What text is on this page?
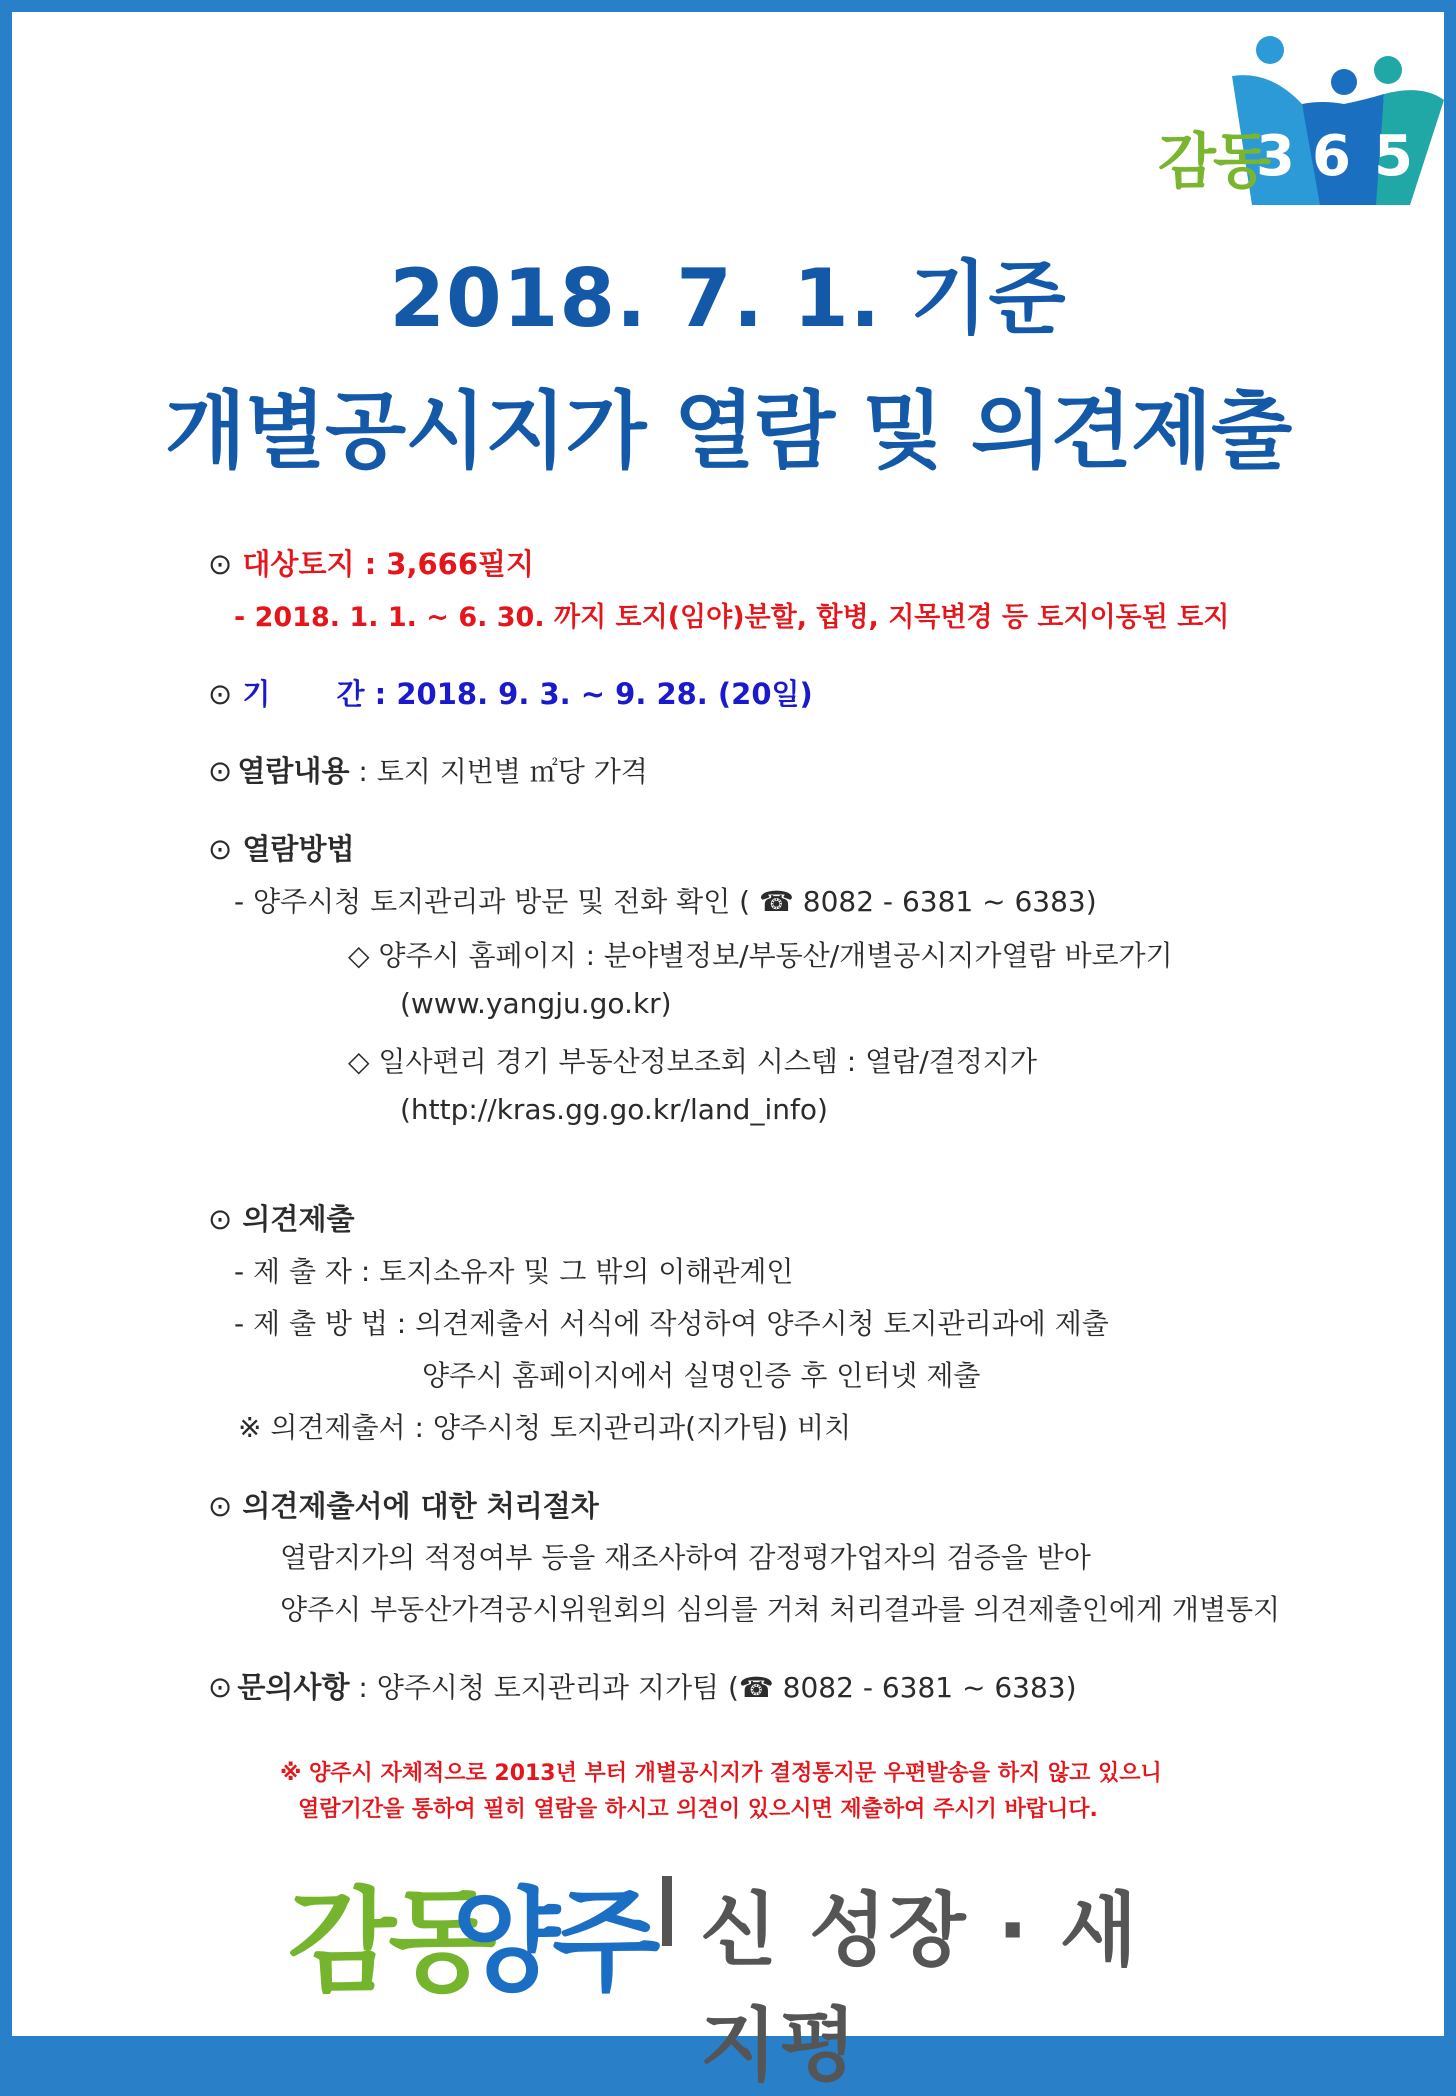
감동
3 6 5
2018. 7. 1. 기준
개별공시지가 열람 및 의견제출
⊙ 대상토지 : 3,666필지
- 2018. 1. 1. ~ 6. 30. 까지 토지(임야)분할, 합병, 지목변경 등 토지이동된 토지
⊙ 기 간 : 2018. 9. 3. ~ 9. 28. (20일)
⊙ 열람내용 : 토지 지번별 ㎡당 가격
⊙ 열람방법
- 양주시청 토지관리과 방문 및 전화 확인 ( ☎ 8082 - 6381 ~ 6383)
◇ 양주시 홈페이지 : 분야별정보/부동산/개별공시지가열람 바로가기
(www.yangju.go.kr)
◇ 일사편리 경기 부동산정보조회 시스템 : 열람/결정지가
(http://kras.gg.go.kr/land_info)
⊙ 의견제출
- 제 출 자 : 토지소유자 및 그 밖의 이해관계인
- 제 출 방 법 : 의견제출서 서식에 작성하여 양주시청 토지관리과에 제출
양주시 홈페이지에서 실명인증 후 인터넷 제출
※ 의견제출서 : 양주시청 토지관리과(지가팀) 비치
⊙ 의견제출서에 대한 처리절차
열람지가의 적정여부 등을 재조사하여 감정평가업자의 검증을 받아
양주시 부동산가격공시위원회의 심의를 거쳐 처리결과를 의견제출인에게 개별통지
⊙ 문의사항 : 양주시청 토지관리과 지가팀 (☎ 8082 - 6381 ~ 6383)
※ 양주시 자체적으로 2013년 부터 개별공시지가 결정통지문 우편발송을 하지 않고 있으니
열람기간을 통하여 필히 열람을 하시고 의견이 있으시면 제출하여 주시기 바랍니다.
감동
양주 신 성장 · 새 지평
